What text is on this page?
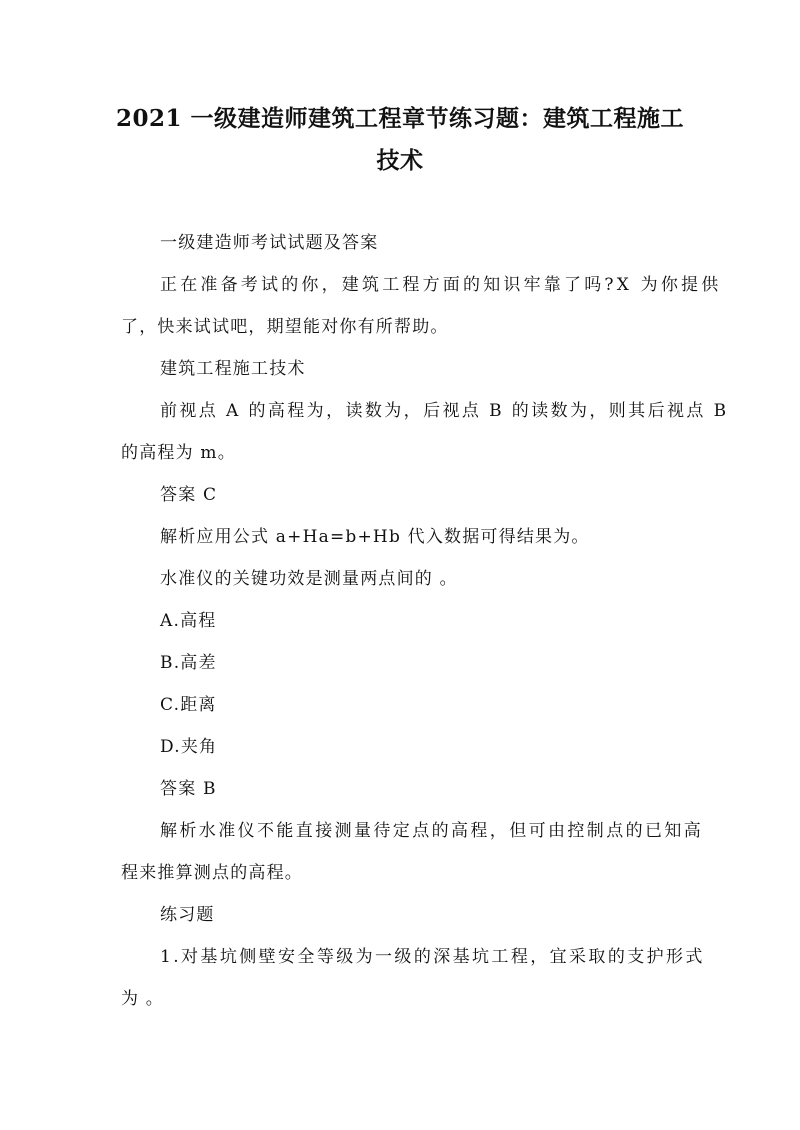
2021 一级建造师建筑工程章节练习题：建筑工程施工
技术
一级建造师考试试题及答案
正在准备考试的你，建筑工程方面的知识牢靠了吗?X 为你提供
了，快来试试吧，期望能对你有所帮助。
建筑工程施工技术
前视点 A 的高程为，读数为，后视点 B 的读数为，则其后视点 B
的高程为 m。
答案 C
解析应用公式 a+Ha=b+Hb 代入数据可得结果为。
水准仪的关键功效是测量两点间的 。
A.高程
B.高差
C.距离
D.夹角
答案 B
解析水准仪不能直接测量待定点的高程，但可由控制点的已知高
程来推算测点的高程。
练习题
1.对基坑侧壁安全等级为一级的深基坑工程，宜采取的支护形式
为 。
